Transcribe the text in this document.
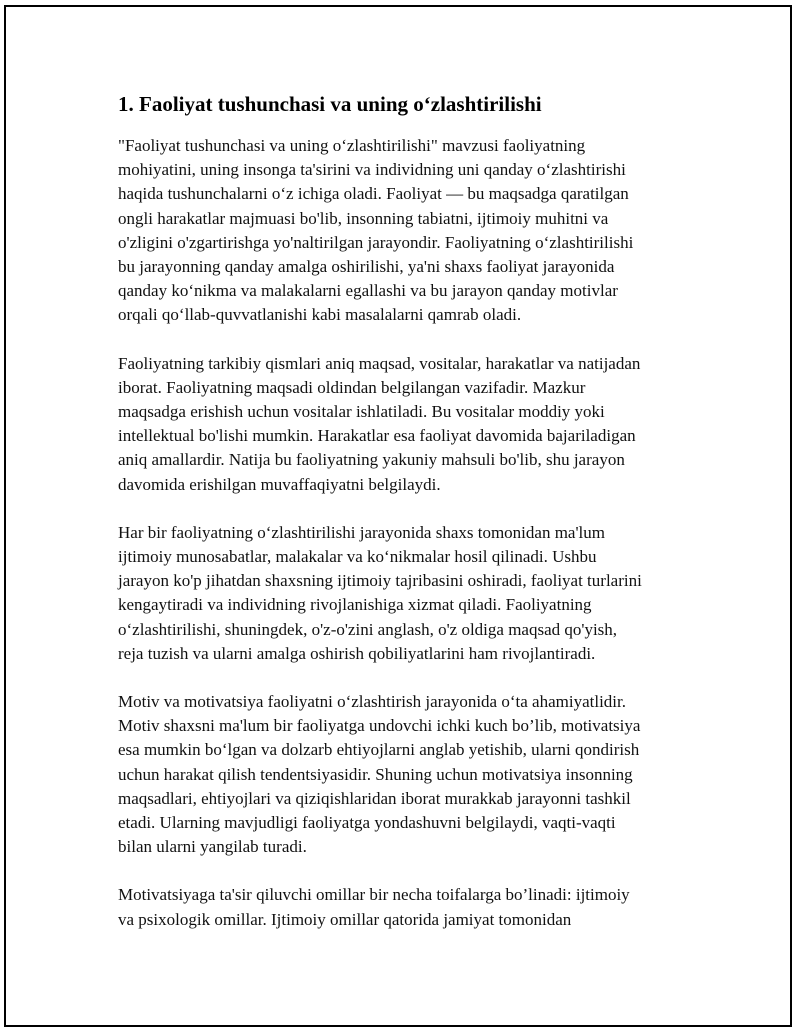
1. Faoliyat tushunchasi va uning o‘zlashtirilishi
"Faoliyat tushunchasi va uning o‘zlashtirilishi" mavzusi faoliyatning
mohiyatini, uning insonga ta'sirini va individning uni qanday o‘zlashtirishi
haqida tushunchalarni o‘z ichiga oladi. Faoliyat — bu maqsadga qaratilgan
ongli harakatlar majmuasi bo'lib, insonning tabiatni, ijtimoiy muhitni va
o'zligini o'zgartirishga yo'naltirilgan jarayondir. Faoliyatning o‘zlashtirilishi
bu jarayonning qanday amalga oshirilishi, ya'ni shaxs faoliyat jarayonida
qanday ko‘nikma va malakalarni egallashi va bu jarayon qanday motivlar
orqali qo‘llab-quvvatlanishi kabi masalalarni qamrab oladi.
Faoliyatning tarkibiy qismlari aniq maqsad, vositalar, harakatlar va natijadan
iborat. Faoliyatning maqsadi oldindan belgilangan vazifadir. Mazkur
maqsadga erishish uchun vositalar ishlatiladi. Bu vositalar moddiy yoki
intellektual bo'lishi mumkin. Harakatlar esa faoliyat davomida bajariladigan
aniq amallardir. Natija bu faoliyatning yakuniy mahsuli bo'lib, shu jarayon
davomida erishilgan muvaffaqiyatni belgilaydi.
Har bir faoliyatning o‘zlashtirilishi jarayonida shaxs tomonidan ma'lum
ijtimoiy munosabatlar, malakalar va ko‘nikmalar hosil qilinadi. Ushbu
jarayon ko'p jihatdan shaxsning ijtimoiy tajribasini oshiradi, faoliyat turlarini
kengaytiradi va individning rivojlanishiga xizmat qiladi. Faoliyatning
o‘zlashtirilishi, shuningdek, o'z-o'zini anglash, o'z oldiga maqsad qo'yish,
reja tuzish va ularni amalga oshirish qobiliyatlarini ham rivojlantiradi.
Motiv va motivatsiya faoliyatni o‘zlashtirish jarayonida o‘ta ahamiyatlidir.
Motiv shaxsni ma'lum bir faoliyatga undovchi ichki kuch bo’lib, motivatsiya
esa mumkin bo‘lgan va dolzarb ehtiyojlarni anglab yetishib, ularni qondirish
uchun harakat qilish tendentsiyasidir. Shuning uchun motivatsiya insonning
maqsadlari, ehtiyojlari va qiziqishlaridan iborat murakkab jarayonni tashkil
etadi. Ularning mavjudligi faoliyatga yondashuvni belgilaydi, vaqti-vaqti
bilan ularni yangilab turadi.
Motivatsiyaga ta'sir qiluvchi omillar bir necha toifalarga bo’linadi: ijtimoiy
va psixologik omillar. Ijtimoiy omillar qatorida jamiyat tomonidan
